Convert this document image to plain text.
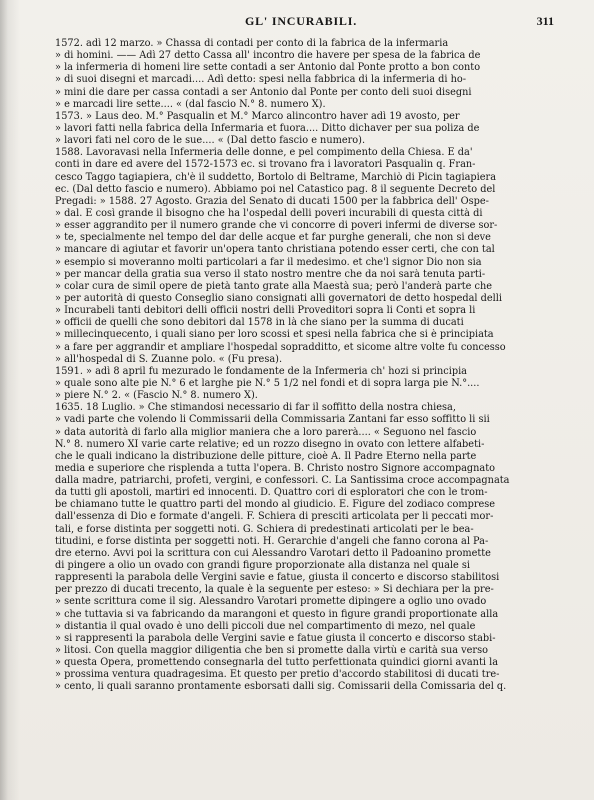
GL' INCURABILI.	311
1572. adì 12 marzo. » Chassa di contadi per conto di la fabrica de la infermaria
» di homini. —— Adì 27 detto Cassa all' incontro die havere per spesa de la fabrica de
» la infermeria di homeni lire sette contadi a ser Antonio dal Ponte protto a bon conto
» di suoi disegni et marcadi.... Adì detto: spesi nella fabbrica di la infermeria di ho-
» mini die dare per cassa contadi a ser Antonio dal Ponte per conto deli suoi disegni
» e marcadi lire sette.... « (dal fascio N.° 8. numero X).
1573. » Laus deo. M.° Pasqualin et M.° Marco alincontro haver adì 19 avosto, per
» lavori fatti nella fabrica della Infermaria et fuora.... Ditto dichaver per sua poliza de
» lavori fati nel coro de le sue.... « (Dal detto fascio e numero).
1588. Lavoravasi nella Infermeria delle donne, e pel compimento della Chiesa. E da'
conti in dare ed avere del 1572-1573 ec. si trovano fra i lavoratori Pasqualin q. Fran-
cesco Taggo tagiapiera, ch'è il suddetto, Bortolo di Beltrame, Marchiò di Picin tagiapiera
ec. (Dal detto fascio e numero). Abbiamo poi nel Catastico pag. 8 il seguente Decreto del
Pregadi: » 1588. 27 Agosto. Grazia del Senato di ducati 1500 per la fabbrica dell' Ospe-
» dal. E così grande il bisogno che ha l'ospedal delli poveri incurabili di questa città di
» esser aggrandito per il numero grande che vi concorre di poveri infermi de diverse sor-
» te, specialmente nel tempo del dar delle acque et far purghe generali, che non si deve
» mancare di agiutar et favorir un'opera tanto christiana potendo esser certi, che con tal
» esempio si moveranno molti particolari a far il medesimo. et che'l signor Dio non sia
» per mancar della gratia sua verso il stato nostro mentre che da noi sarà tenuta parti-
» colar cura de simil opere de pietà tanto grate alla Maestà sua; però l'anderà parte che
» per autorità di questo Conseglio siano consignati alli governatori de detto hospedal delli
» Incurabeli tanti debitori delli officii nostri delli Proveditori sopra li Conti et sopra li
» officii de quelli che sono debitori dal 1578 in là che siano per la summa di ducati
» millecinquecento, i quali siano per loro scossi et spesi nella fabrica che si è principiata
» a fare per aggrandir et ampliare l'hospedal sopradditto, et sicome altre volte fu concesso
» all'hospedal di S. Zuanne polo. « (Fu presa).
1591. » adì 8 april fu mezurado le fondamente de la Infermeria ch' hozi si principia
» quale sono alte pie N.° 6 et larghe pie N.° 5 1/2 nel fondi et di sopra larga pie N.°....
» piere N.° 2. « (Fascio N.° 8. numero X).
1635. 18 Luglio. » Che stimandosi necessario di far il soffitto della nostra chiesa,
» vadi parte che volendo li Commissarii della Commissaria Zantani far esso soffitto li sii
» data autorità di farlo alla miglior maniera che a loro parerà.... « Seguono nel fascio
N.° 8. numero XI varie carte relative; ed un rozzo disegno in ovato con lettere alfabeti-
che le quali indicano la distribuzione delle pitture, cioè A. Il Padre Eterno nella parte
media e superiore che risplenda a tutta l'opera. B. Christo nostro Signore accompagnato
dalla madre, patriarchi, profeti, vergini, e confessori. C. La Santissima croce accompagnata
da tutti gli apostoli, martiri ed innocenti. D. Quattro cori di esploratori che con le trom-
be chiamano tutte le quattro parti del mondo al giudicio. E. Figure del zodiaco comprese
dall'essenza di Dio e formate d'angeli. F. Schiera di presciti articolata per li peccati mor-
tali, e forse distinta per soggetti noti. G. Schiera di predestinati articolati per le bea-
titudini, e forse distinta per soggetti noti. H. Gerarchie d'angeli che fanno corona al Pa-
dre eterno. Avvi poi la scrittura con cui Alessandro Varotari detto il Padoanino promette
di pingere a olio un ovado con grandi figure proporzionate alla distanza nel quale si
rappresenti la parabola delle Vergini savie e fatue, giusta il concerto e discorso stabilitosi
per prezzo di ducati trecento, la quale è la seguente per esteso: » Si dechiara per la pre-
» sente scrittura come il sig. Alessandro Varotari promette dipingere a oglio uno ovado
» che tuttavia si va fabricando da marangoni et questo in figure grandi proportionate alla
» distantia il qual ovado è uno delli piccoli due nel compartimento di mezo, nel quale
» si rappresenti la parabola delle Vergini savie e fatue giusta il concerto e discorso stabi-
» litosi. Con quella maggior diligentia che ben si promette dalla virtù e carità sua verso
» questa Opera, promettendo consegnarla del tutto perfettionata quindici giorni avanti la
» prossima ventura quadragesima. Et questo per pretio d'accordo stabilitosi di ducati tre-
» cento, li quali saranno prontamente esborsati dalli sig. Comissarii della Comissaria del q.
